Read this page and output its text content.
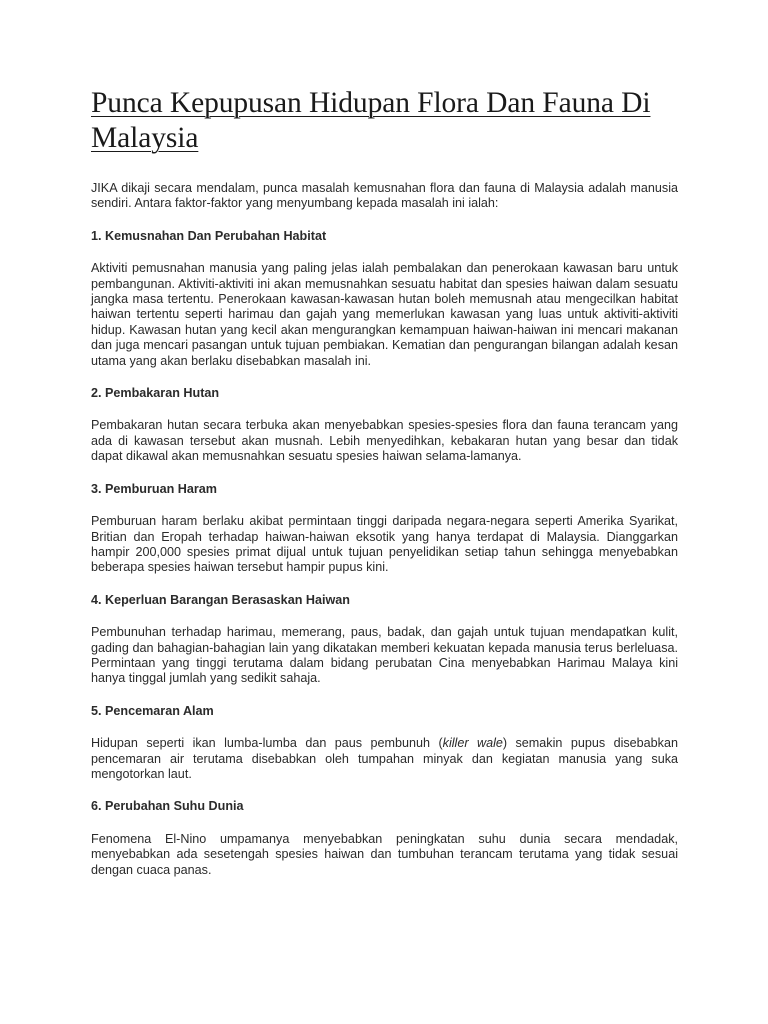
Punca Kepupusan Hidupan Flora Dan Fauna Di Malaysia

JIKA dikaji secara mendalam, punca masalah kemusnahan flora dan fauna di Malaysia adalah manusia sendiri. Antara faktor-faktor yang menyumbang kepada masalah ini ialah:

1. Kemusnahan Dan Perubahan Habitat

Aktiviti pemusnahan manusia yang paling jelas ialah pembalakan dan penerokaan kawasan baru untuk pembangunan. Aktiviti-aktiviti ini akan memusnahkan sesuatu habitat dan spesies haiwan dalam sesuatu jangka masa tertentu. Penerokaan kawasan-kawasan hutan boleh memusnah atau mengecilkan habitat haiwan tertentu seperti harimau dan gajah yang memerlukan kawasan yang luas untuk aktiviti-aktiviti hidup. Kawasan hutan yang kecil akan mengurangkan kemampuan haiwan-haiwan ini mencari makanan dan juga mencari pasangan untuk tujuan pembiakan. Kematian dan pengurangan bilangan adalah kesan utama yang akan berlaku disebabkan masalah ini.

2. Pembakaran Hutan

Pembakaran hutan secara terbuka akan menyebabkan spesies-spesies flora dan fauna terancam yang ada di kawasan tersebut akan musnah. Lebih menyedihkan, kebakaran hutan yang besar dan tidak dapat dikawal akan memusnahkan sesuatu spesies haiwan selama-lamanya.

3. Pemburuan Haram

Pemburuan haram berlaku akibat permintaan tinggi daripada negara-negara seperti Amerika Syarikat, Britian dan Eropah terhadap haiwan-haiwan eksotik yang hanya terdapat di Malaysia. Dianggarkan hampir 200,000 spesies primat dijual untuk tujuan penyelidikan setiap tahun sehingga menyebabkan beberapa spesies haiwan tersebut hampir pupus kini.

4. Keperluan Barangan Berasaskan Haiwan

Pembunuhan terhadap harimau, memerang, paus, badak, dan gajah untuk tujuan mendapatkan kulit, gading dan bahagian-bahagian lain yang dikatakan memberi kekuatan kepada manusia terus berleluasa. Permintaan yang tinggi terutama dalam bidang perubatan Cina menyebabkan Harimau Malaya kini hanya tinggal jumlah yang sedikit sahaja.

5. Pencemaran Alam

Hidupan seperti ikan lumba-lumba dan paus pembunuh (killer wale) semakin pupus disebabkan pencemaran air terutama disebabkan oleh tumpahan minyak dan kegiatan manusia yang suka mengotorkan laut.

6. Perubahan Suhu Dunia

Fenomena El-Nino umpamanya menyebabkan peningkatan suhu dunia secara mendadak, menyebabkan ada sesetengah spesies haiwan dan tumbuhan terancam terutama yang tidak sesuai dengan cuaca panas.
